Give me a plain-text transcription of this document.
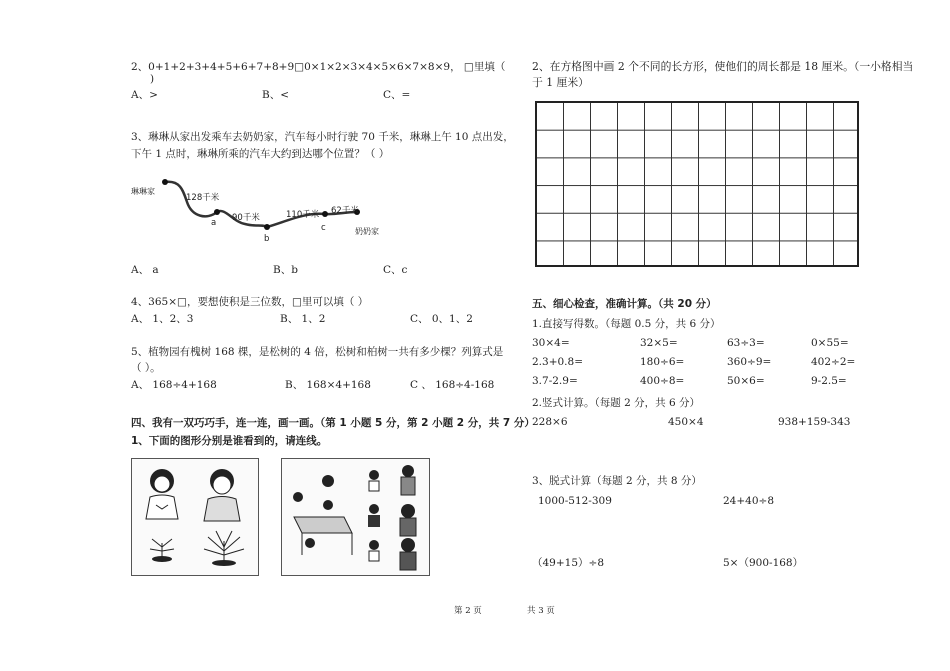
2、0+1+2+3+4+5+6+7+8+9□0×1×2×3×4×5×6×7×8×9， □里填（
)
A、>	B、<	C、=
3、琳琳从家出发乘车去奶奶家，汽车每小时行驶 70 千米，琳琳上午 10 点出发，
下午 1 点时，琳琳所乘的汽车大约到达哪个位置？（ ）
琳琳家
128千米
90千米	110千米 62千米
a
b
c	奶奶家
A、 a	B、b	C、c
4、365×□，要想使积是三位数，□里可以填（ ）
A、 1、2、3	B、 1、2	C、 0、1、2
5、植物园有槐树 168 棵，是松树的 4 倍，松树和柏树一共有多少棵？列算式是
（ ）。
A、 168÷4+168	B、 168×4+168	C 、 168÷4-168
四、我有一双巧巧手，连一连，画一画。（第 1 小题 5 分，第 2 小题 2 分，共 7 分）
1、下面的图形分别是谁看到的，请连线。
2、在方格图中画 2 个不同的长方形，使他们的周长都是 18 厘米。（一小格相当
于 1 厘米）
五、细心检查，准确计算。（共 20 分）
1.直接写得数。（每题 0.5 分，共 6 分）
30×4=	32×5=	63÷3=	0×55=
2.3+0.8=	180÷6=	360÷9=	402÷2=
3.7-2.9=	400÷8=	50×6=	9-2.5=
2.竖式计算。（每题 2 分，共 6 分）
228×6	450×4	938+159-343
3、脱式计算（每题 2 分，共 8 分）
1000-512-309	24+40÷8
（49+15）÷8	5×（900-168）
第 2 页	共 3 页
